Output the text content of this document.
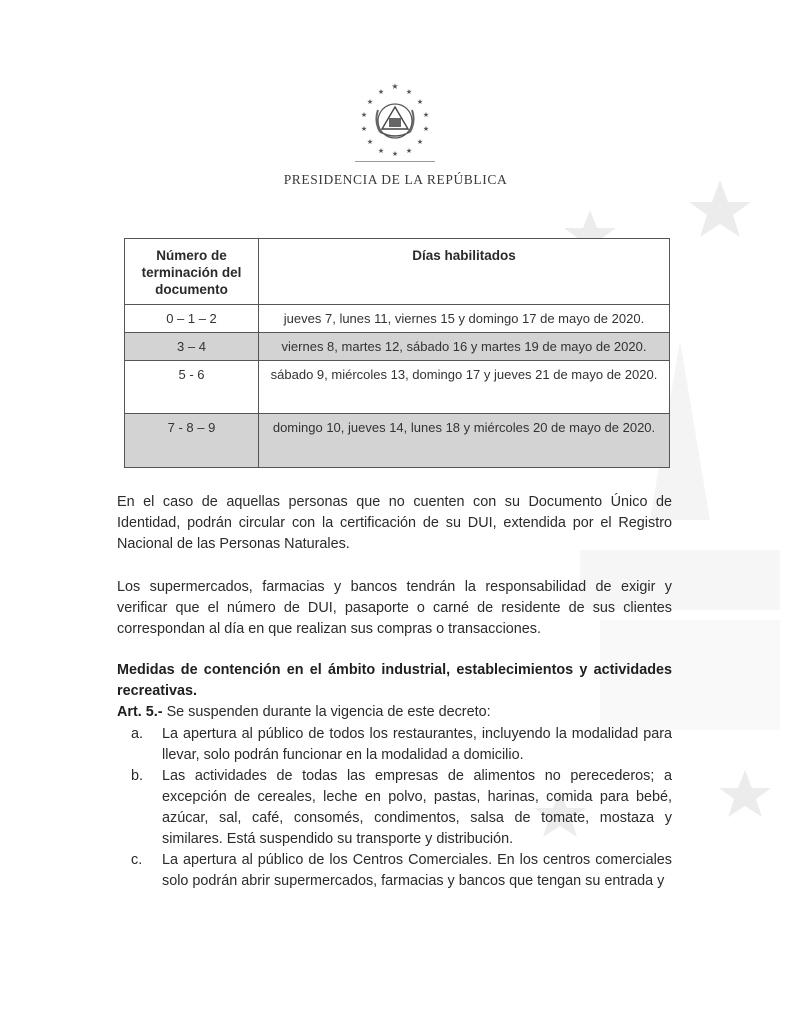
★
★	★
★	★
★	★
★	★
★	★
★ ★ ★
PRESIDENCIA DE LA REPÚBLICA
Número de terminación del documento	Días habilitados
0 – 1 – 2	jueves 7, lunes 11, viernes 15 y domingo 17 de mayo de 2020.
3 – 4	viernes 8, martes 12, sábado 16 y martes 19 de mayo de 2020.
5 - 6	sábado 9, miércoles 13, domingo 17 y jueves 21 de mayo de 2020.
7 - 8 – 9	domingo 10, jueves 14, lunes 18 y miércoles 20 de mayo de 2020.

En el caso de aquellas personas que no cuenten con su Documento Único de Identidad, podrán circular con la certificación de su DUI, extendida por el Registro Nacional de las Personas Naturales.

Los supermercados, farmacias y bancos tendrán la responsabilidad de exigir y verificar que el número de DUI, pasaporte o carné de residente de sus clientes correspondan al día en que realizan sus compras o transacciones.

Medidas de contención en el ámbito industrial, establecimientos y actividades recreativas.

Art. 5.- Se suspenden durante la vigencia de este decreto:

a. La apertura al público de todos los restaurantes, incluyendo la modalidad para llevar, solo podrán funcionar en la modalidad a domicilio.
b. Las actividades de todas las empresas de alimentos no perecederos; a excepción de cereales, leche en polvo, pastas, harinas, comida para bebé, azúcar, sal, café, consomés, condimentos, salsa de tomate, mostaza y similares. Está suspendido su transporte y distribución.
c. La apertura al público de los Centros Comerciales. En los centros comerciales solo podrán abrir supermercados, farmacias y bancos que tengan su entrada y
